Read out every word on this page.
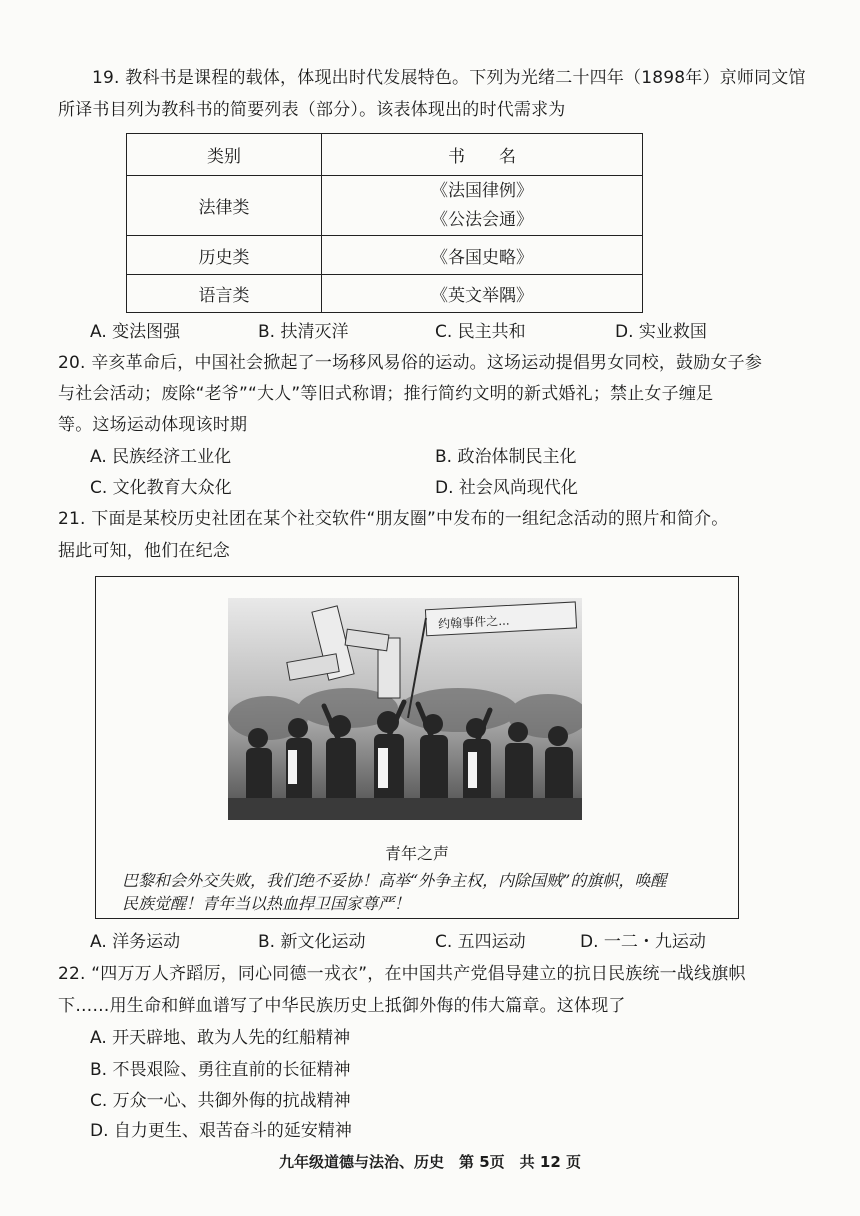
19. 教科书是课程的载体，体现出时代发展特色。下列为光绪二十四年（1898年）京师同文馆
所译书目列为教科书的简要列表（部分）。该表体现出的时代需求为
类别	书　　名
法律类	《法国律例》
《公法会通》

历史类	《各国史略》
语言类	《英文举隅》
A. 变法图强	B. 扶清灭洋	C. 民主共和	D. 实业救国
20. 辛亥革命后，中国社会掀起了一场移风易俗的运动。这场运动提倡男女同校，鼓励女子参
与社会活动；废除“老爷”“大人”等旧式称谓；推行简约文明的新式婚礼；禁止女子缠足
等。这场运动体现该时期
A. 民族经济工业化	B. 政治体制民主化
C. 文化教育大众化	D. 社会风尚现代化
21. 下面是某校历史社团在某个社交软件“朋友圈”中发布的一组纪念活动的照片和简介。
据此可知，他们在纪念
约翰事件之...
青年之声
巴黎和会外交失败，我们绝不妥协！高举“外争主权，内除国贼”的旗帜，唤醒
民族觉醒！青年当以热血捍卫国家尊严！
A. 洋务运动	B. 新文化运动	C. 五四运动	D. 一二・九运动
22. “四万万人齐蹈厉，同心同德一戎衣”，在中国共产党倡导建立的抗日民族统一战线旗帜
下……用生命和鲜血谱写了中华民族历史上抵御外侮的伟大篇章。这体现了
A. 开天辟地、敢为人先的红船精神
B. 不畏艰险、勇往直前的长征精神
C. 万众一心、共御外侮的抗战精神
D. 自力更生、艰苦奋斗的延安精神
九年级道德与法治、历史　第 5页　共 12 页
